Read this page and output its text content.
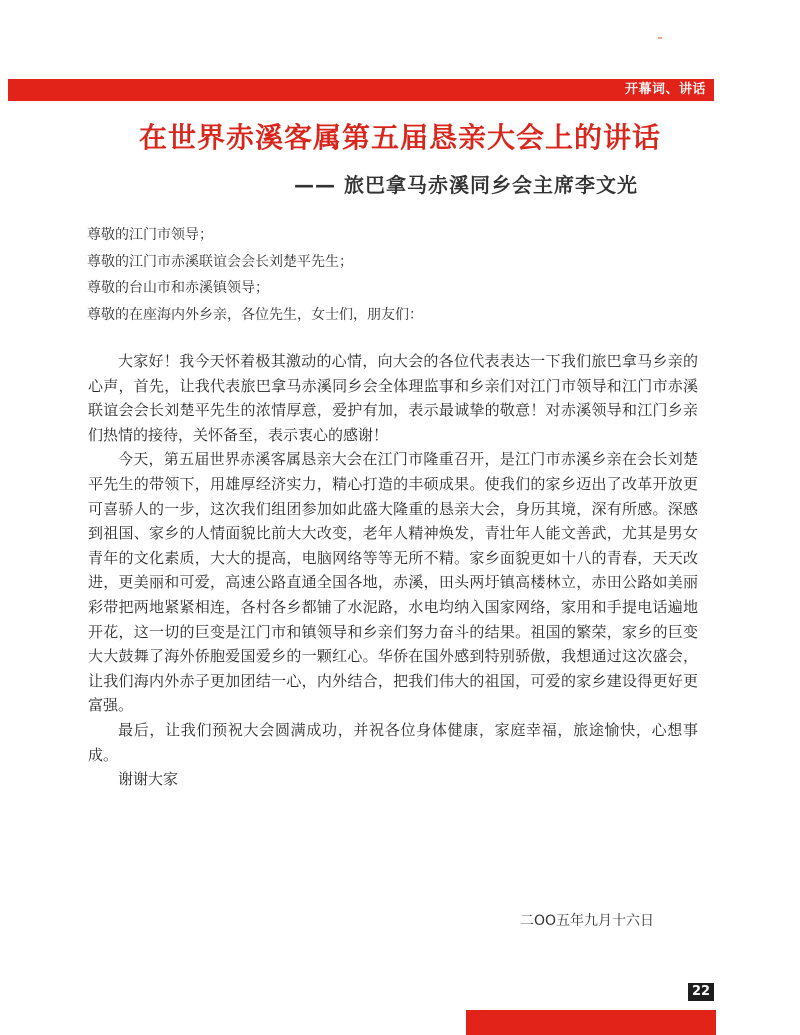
开幕词、讲话
在世界赤溪客属第五届恳亲大会上的讲话
—— 旅巴拿马赤溪同乡会主席李文光
尊敬的江门市领导；
尊敬的江门市赤溪联谊会会长刘楚平先生；
尊敬的台山市和赤溪镇领导；
尊敬的在座海内外乡亲，各位先生，女士们，朋友们：

大家好！我今天怀着极其激动的心情，向大会的各位代表表达一下我们旅巴拿马乡亲的心声，首先，让我代表旅巴拿马赤溪同乡会全体理监事和乡亲们对江门市领导和江门市赤溪联谊会会长刘楚平先生的浓情厚意，爱护有加，表示最诚挚的敬意！对赤溪领导和江门乡亲们热情的接待，关怀备至，表示衷心的感谢！

今天，第五届世界赤溪客属恳亲大会在江门市隆重召开，是江门市赤溪乡亲在会长刘楚平先生的带领下，用雄厚经济实力，精心打造的丰硕成果。使我们的家乡迈出了改革开放更可喜骄人的一步，这次我们组团参加如此盛大隆重的恳亲大会，身历其境，深有所感。深感到祖国、家乡的人情面貌比前大大改变，老年人精神焕发，青壮年人能文善武，尤其是男女青年的文化素质，大大的提高，电脑网络等等无所不精。家乡面貌更如十八的青春，天天改进，更美丽和可爱，高速公路直通全国各地，赤溪，田头两圩镇高楼林立，赤田公路如美丽彩带把两地紧紧相连，各村各乡都铺了水泥路，水电均纳入国家网络，家用和手提电话遍地开花，这一切的巨变是江门市和镇领导和乡亲们努力奋斗的结果。祖国的繁荣，家乡的巨变大大鼓舞了海外侨胞爱国爱乡的一颗红心。华侨在国外感到特别骄傲，我想通过这次盛会，让我们海内外赤子更加团结一心，内外结合，把我们伟大的祖国，可爱的家乡建设得更好更富强。

最后，让我们预祝大会圆满成功，并祝各位身体健康，家庭幸福，旅途愉快，心想事成。

谢谢大家

二OO五年九月十六日
22
